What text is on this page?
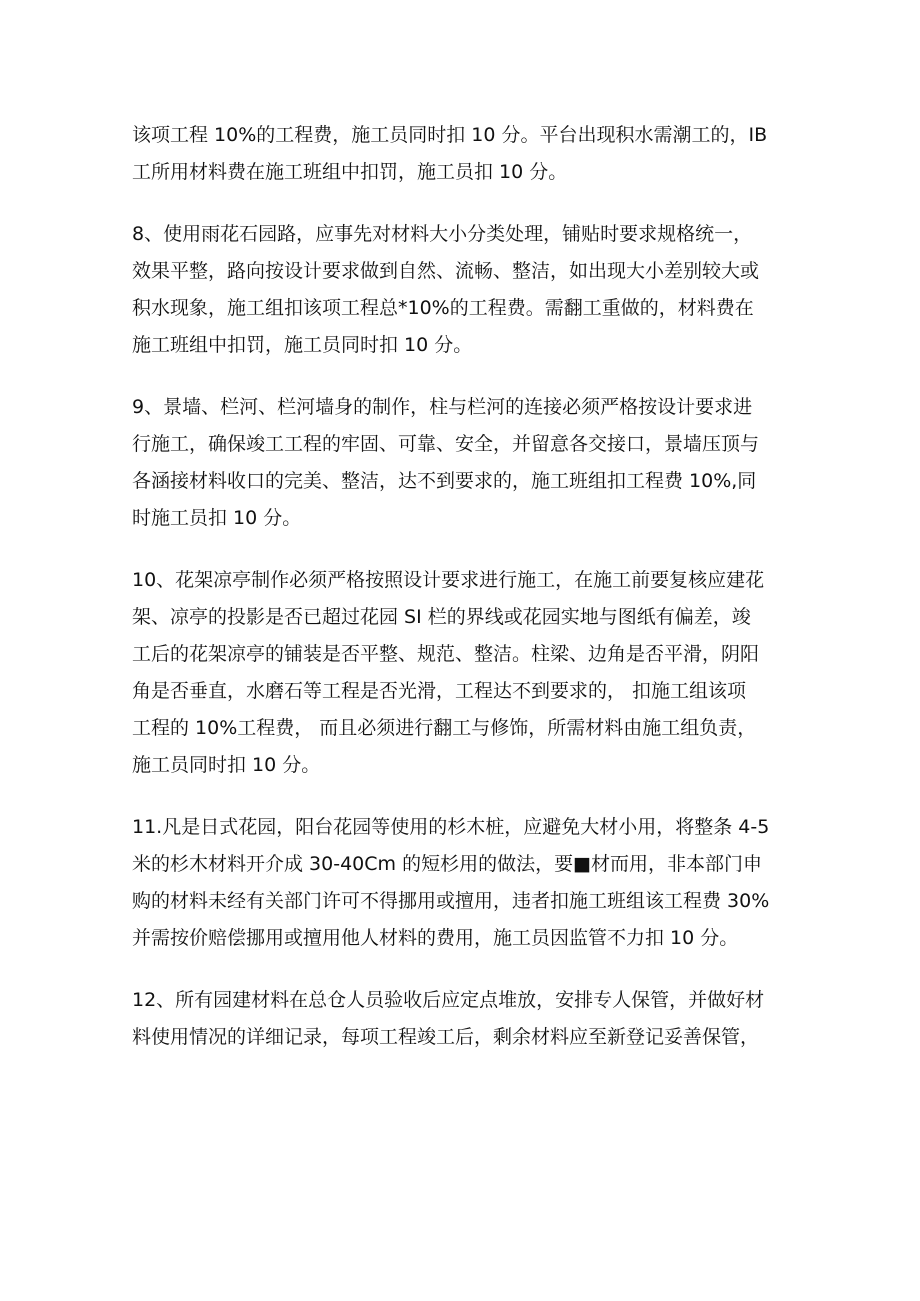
该项工程 10%的工程费，施工员同时扣 10 分。平台出现积水需潮工的，IB
工所用材料费在施工班组中扣罚，施工员扣 10 分。
8、使用雨花石园路，应事先对材料大小分类处理，铺贴时要求规格统一，
效果平整，路向按设计要求做到自然、流畅、整洁，如出现大小差别较大或
积水现象，施工组扣该项工程总*10%的工程费。需翻工重做的，材料费在
施工班组中扣罚，施工员同时扣 10 分。
9、景墙、栏河、栏河墙身的制作，柱与栏河的连接必须严格按设计要求进
行施工，确保竣工工程的牢固、可靠、安全，并留意各交接口，景墙压顶与
各涵接材料收口的完美、整洁，达不到要求的，施工班组扣工程费 10%,同
时施工员扣 10 分。
10、花架凉亭制作必须严格按照设计要求进行施工，在施工前要复核应建花
架、凉亭的投影是否已超过花园 SI 栏的界线或花园实地与图纸有偏差，竣
工后的花架凉亭的铺装是否平整、规范、整洁。柱梁、边角是否平滑，阴阳
角是否垂直，水磨石等工程是否光滑，工程达不到要求的， 扣施工组该项
工程的 10%工程费， 而且必须进行翻工与修饰，所需材料由施工组负责，
施工员同时扣 10 分。
11.凡是日式花园，阳台花园等使用的杉木桩，应避免大材小用，将整条 4-5
米的杉木材料开介成 30-40Cm 的短杉用的做法，要■材而用，非本部门申
购的材料未经有关部门许可不得挪用或擅用，违者扣施工班组该工程费 30%
并需按价赔偿挪用或擅用他人材料的费用，施工员因监管不力扣 10 分。
12、所有园建材料在总仓人员验收后应定点堆放，安排专人保管，并做好材
料使用情况的详细记录，每项工程竣工后，剩余材料应至新登记妥善保管，
